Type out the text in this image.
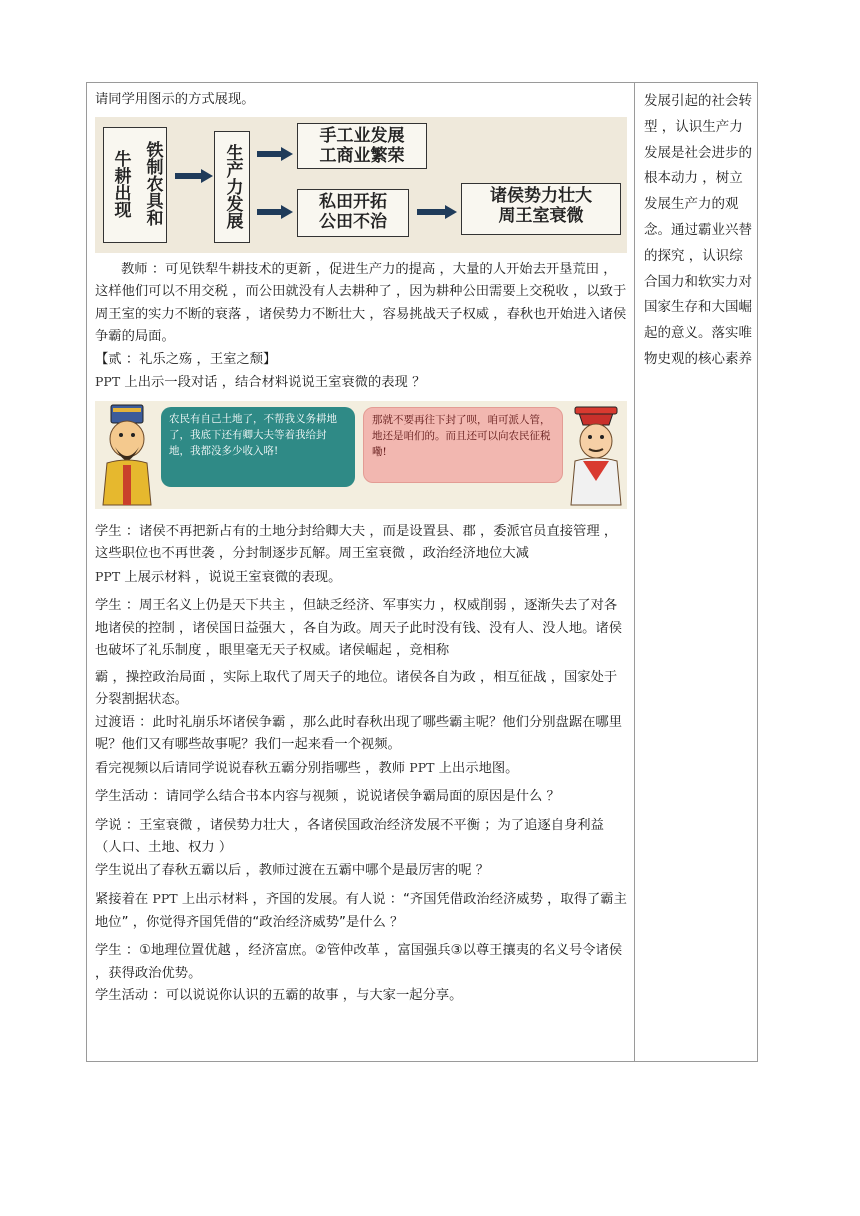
请同学用图示的方式展现。

牛耕出现 铁制农具和	生产力发展
手工业发展
工商业繁荣
私田开拓
公田不治
诸侯势力壮大
周王室衰微

教师 ：可见铁犁牛耕技术的更新 ，促进生产力的提高 ，大量的人开始去开垦荒田 ，这样他们可以不用交税 ，而公田就没有人去耕种了 ，因为耕种公田需要上交税收 ，以致于周王室的实力不断的衰落 ，诸侯势力不断壮大 ，容易挑战天子权威 ，春秋也开始进入诸侯争霸的局面。

【贰 ：礼乐之殇 ，王室之颓】

PPT 上出示一段对话 ，结合材料说说王室衰微的表现 ？

农民有自己土地了，不帮我义务耕地了，我底下还有卿大夫等着我给封地，我都没多少收入咯!
那就不要再往下封了呗，咱可派人管，地还是咱们的。而且还可以向农民征税嘞!

学生 ：诸侯不再把新占有的土地分封给卿大夫 ，而是设置县、郡 ，委派官员直接管理 ，这些职位也不再世袭 ，分封制逐步瓦解。周王室衰微 ，政治经济地位大减

PPT 上展示材料 ，说说王室衰微的表现。

学生 ：周王名义上仍是天下共主 ，但缺乏经济、军事实力 ，权威削弱 ，逐渐失去了对各地诸侯的控制 ，诸侯国日益强大 ，各自为政。周天子此时没有钱、没有人、没人地。诸侯也破坏了礼乐制度 ，眼里毫无天子权威。诸侯崛起 ，竞相称

霸 ，操控政治局面 ，实际上取代了周天子的地位。诸侯各自为政 ，相互征战 ，国家处于分裂割据状态。

过渡语 ：此时礼崩乐坏诸侯争霸 ，那么此时春秋出现了哪些霸主呢？他们分别盘踞在哪里呢？他们又有哪些故事呢？我们一起来看一个视频。

看完视频以后请同学说说春秋五霸分别指哪些 ，教师 PPT 上出示地图。

学生活动 ：请同学么结合书本内容与视频 ，说说诸侯争霸局面的原因是什么 ？

学说 ：王室衰微 ，诸侯势力壮大 ，各诸侯国政治经济发展不平衡 ；为了追逐自身利益（人口、土地、权力 ）

学生说出了春秋五霸以后 ，教师过渡在五霸中哪个是最厉害的呢 ？

紧接着在 PPT 上出示材料 ，齐国的发展。有人说 ：“齐国凭借政治经济威势 ，取得了霸主地位” ，你觉得齐国凭借的“政治经济威势”是什么 ？

学生 ：①地理位置优越 ，经济富庶。②管仲改革 ，富国强兵③以尊王攘夷的名义号令诸侯 ，获得政治优势。

学生活动 ：可以说说你认识的五霸的故事 ，与大家一起分享。

发展引起的社会转型 ，认识生产力发展是社会进步的根本动力 ，树立发展生产力的观念。通过霸业兴替的探究 ，认识综合国力和软实力对国家生存和大国崛起的意义。落实唯物史观的核心素养
